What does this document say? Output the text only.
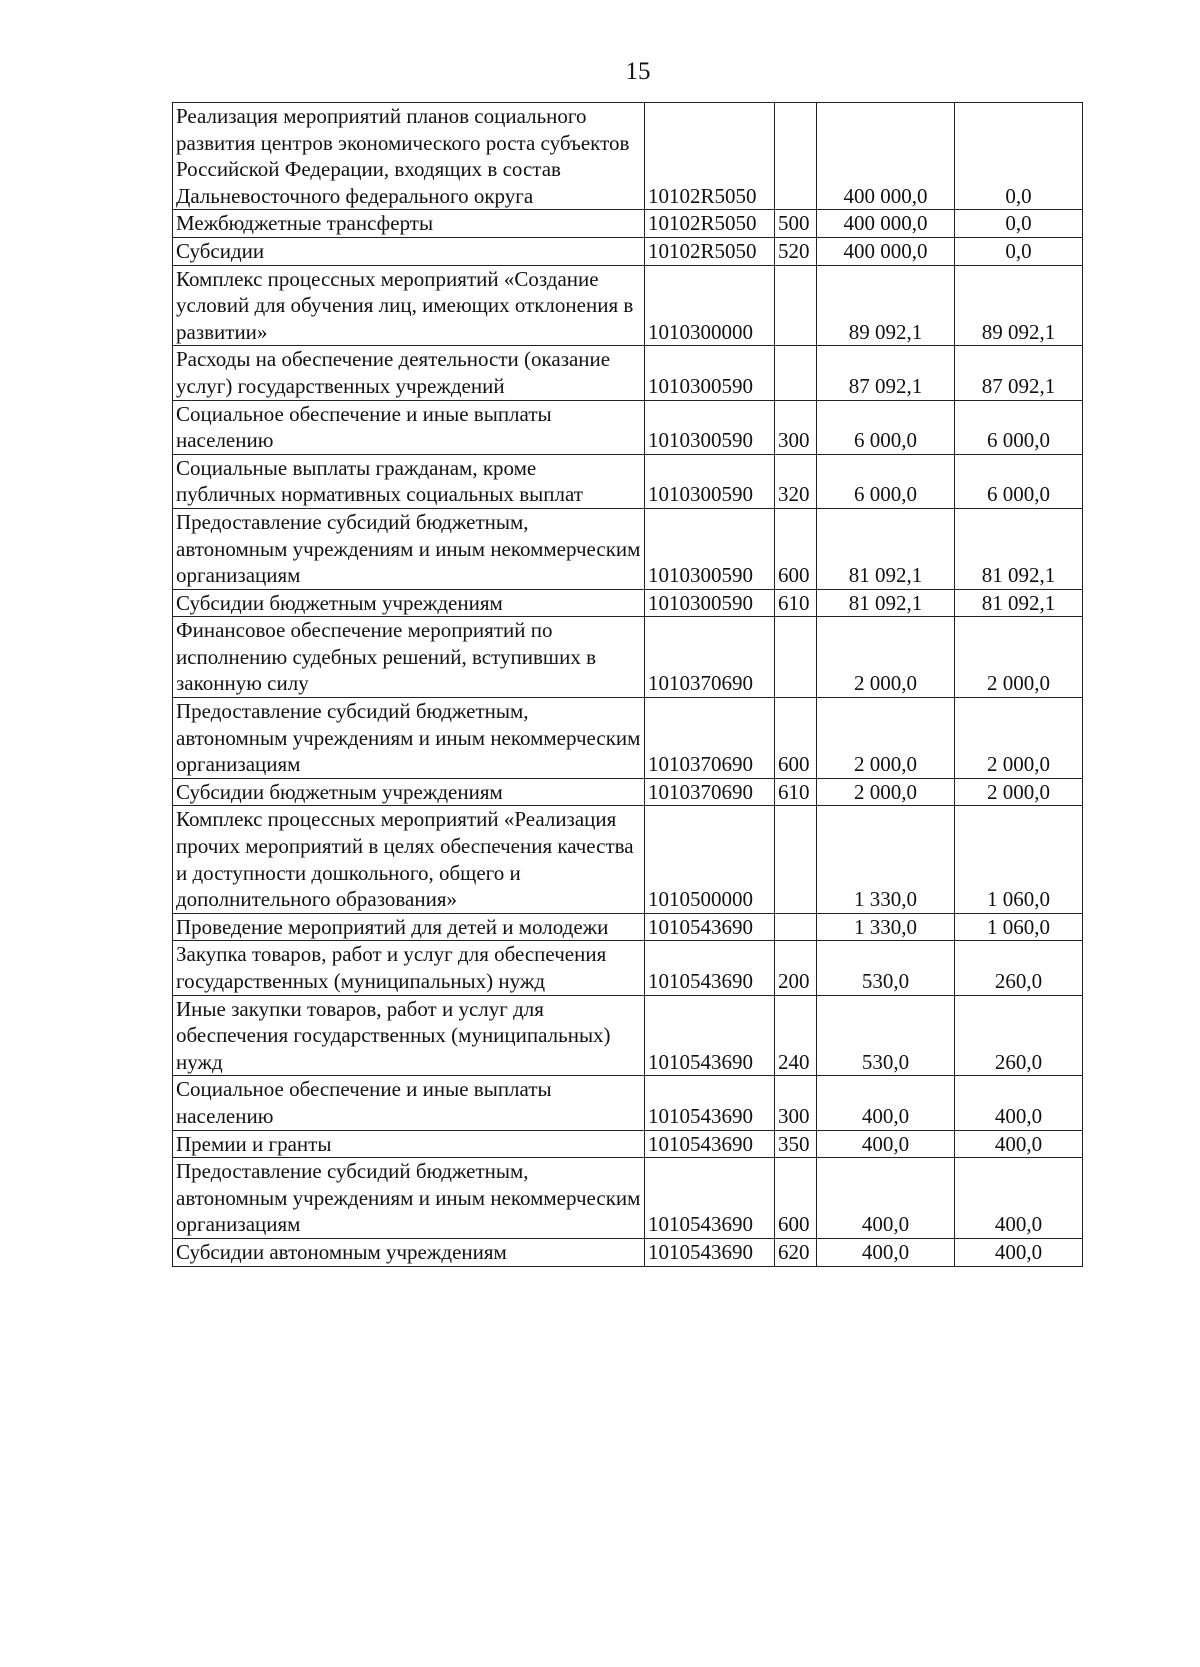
15
Реализация мероприятий планов социального развития центров экономического роста субъектов Российской Федерации, входящих в состав Дальневосточного федерального округа	10102R5050		400 000,0	0,0
Межбюджетные трансферты	10102R5050	500	400 000,0	0,0
Субсидии	10102R5050	520	400 000,0	0,0
Комплекс процессных мероприятий «Создание условий для обучения лиц, имеющих отклонения в развитии»	1010300000		89 092,1	89 092,1
Расходы на обеспечение деятельности (оказание услуг) государственных учреждений	1010300590		87 092,1	87 092,1
Социальное обеспечение и иные выплаты населению	1010300590	300	6 000,0	6 000,0
Социальные выплаты гражданам, кроме публичных нормативных социальных выплат	1010300590	320	6 000,0	6 000,0
Предоставление субсидий бюджетным, автономным учреждениям и иным некоммерческим организациям	1010300590	600	81 092,1	81 092,1
Субсидии бюджетным учреждениям	1010300590	610	81 092,1	81 092,1
Финансовое обеспечение мероприятий по исполнению судебных решений, вступивших в законную силу	1010370690		2 000,0	2 000,0
Предоставление субсидий бюджетным, автономным учреждениям и иным некоммерческим организациям	1010370690	600	2 000,0	2 000,0
Субсидии бюджетным учреждениям	1010370690	610	2 000,0	2 000,0
Комплекс процессных мероприятий «Реализация прочих мероприятий в целях обеспечения качества и доступности дошкольного, общего и дополнительного образования»	1010500000		1 330,0	1 060,0
Проведение мероприятий для детей и молодежи	1010543690		1 330,0	1 060,0
Закупка товаров, работ и услуг для обеспечения государственных (муниципальных) нужд	1010543690	200	530,0	260,0
Иные закупки товаров, работ и услуг для обеспечения государственных (муниципальных) нужд	1010543690	240	530,0	260,0
Социальное обеспечение и иные выплаты населению	1010543690	300	400,0	400,0
Премии и гранты	1010543690	350	400,0	400,0
Предоставление субсидий бюджетным, автономным учреждениям и иным некоммерческим организациям	1010543690	600	400,0	400,0
Субсидии автономным учреждениям	1010543690	620	400,0	400,0
